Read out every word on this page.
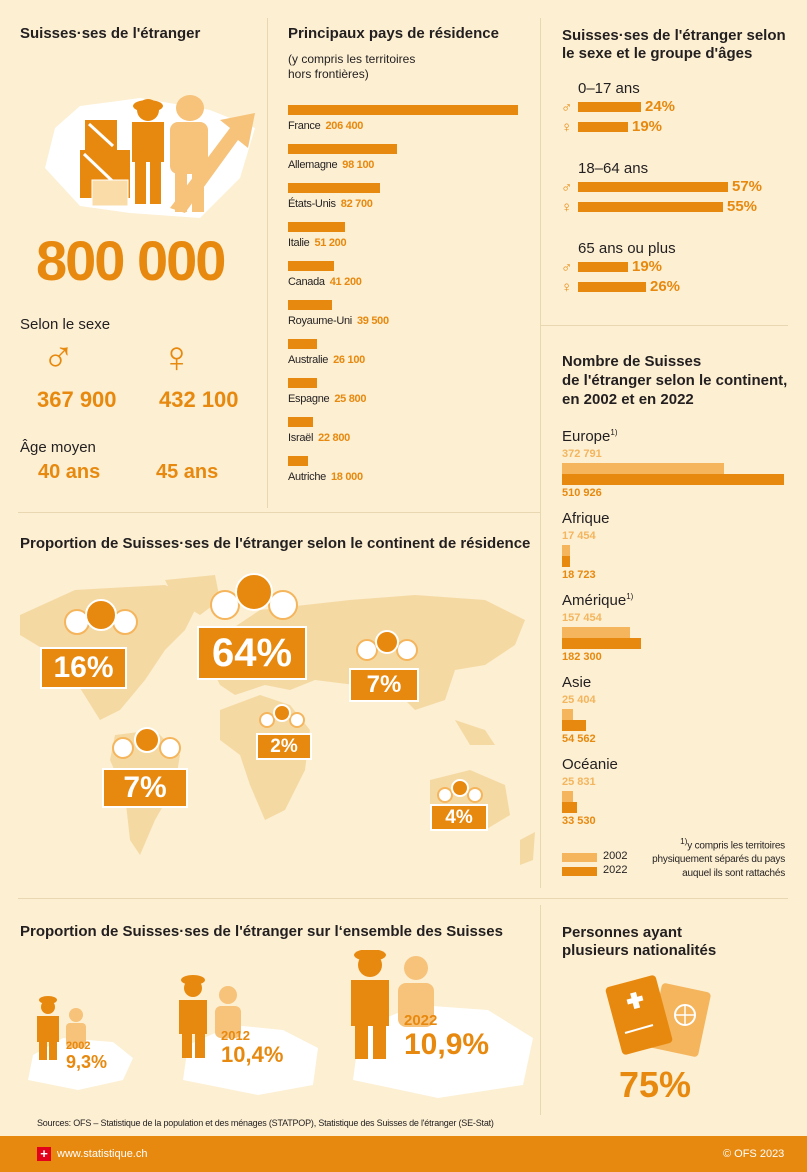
Suisses·ses de l'étranger
800 000
Selon le sexe
♂ ♀
367 900 432 100
Âge moyen
40 ans	45 ans
Principaux pays de résidence
(y compris les territoires
hors frontières)
France 206 400
Allemagne 98 100
États-Unis 82 700
Italie 51 200
Canada 41 200
Royaume-Uni 39 500
Australie 26 100
Espagne 25 800
Israël 22 800
Autriche 18 000
Suisses·ses de l'étranger selon
le sexe et le groupe d'âges
0–17 ans
♂	24%
♀	19%
18–64 ans
♂	57%
♀	55%
65 ans ou plus
♂	19%
♀	26%
Proportion de Suisses·ses de l'étranger selon le continent de résidence
16%	64%
7%
2%
7%
4%
Nombre de Suisses
de l'étranger selon le continent,
en 2002 et en 2022
Europe$^{1)}$
372 791
510 926
Afrique
17 454
18 723
Amérique$^{1)}$
157 454
182 300
Asie
25 404
54 562
Océanie
25 831
33 530
$^{1)}$y compris les territoires
physiquement séparés du pays
auquel ils sont rattachés
2002
2022
Proportion de Suisses·ses de l'étranger sur l‘ensemble des Suisses
2002
9,3%
2012
10,4%
2022
10,9%
Personnes ayant
plusieurs nationalités
75%
Sources: OFS – Statistique de la population et des ménages (STATPOP), Statistique des Suisses de l'étranger (SE-Stat)
+ www.statistique.ch	© OFS 2023
